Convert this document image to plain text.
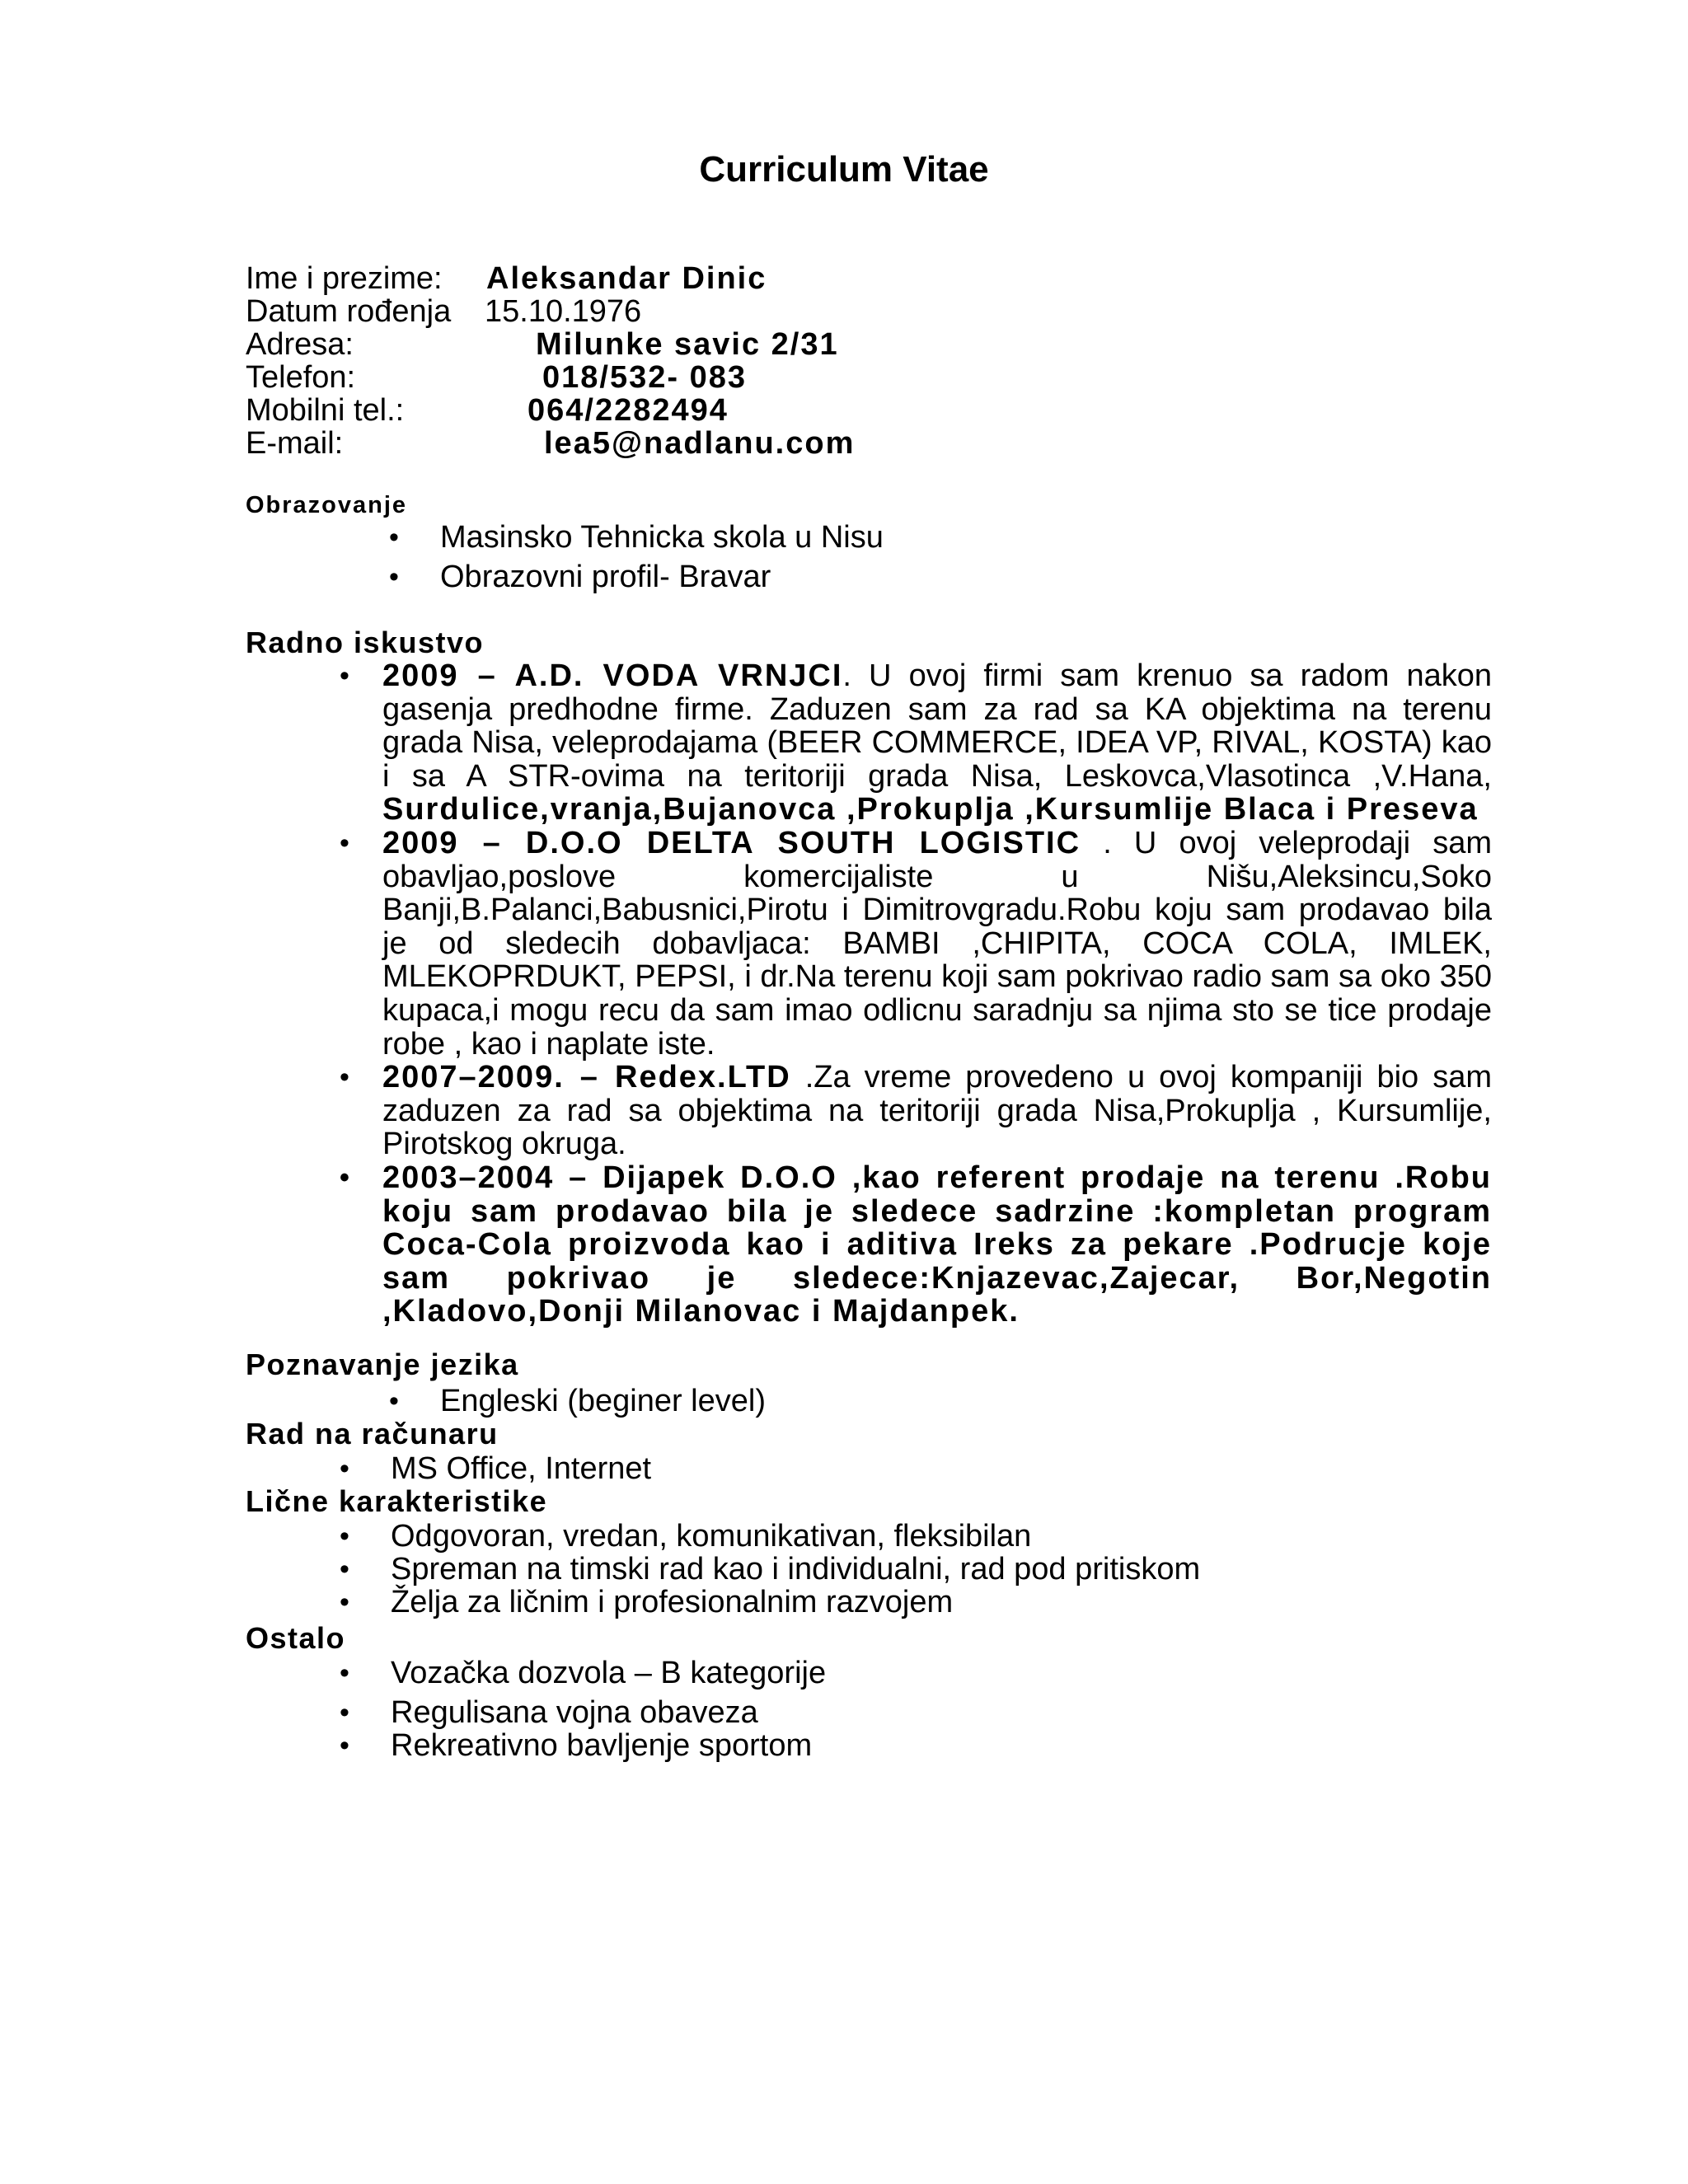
Curriculum Vitae
Ime i prezime: Aleksandar Dinic
Datum rođenja 15.10.1976
Adresa:	Milunke savic 2/31
Telefon:	018/532- 083
Mobilni tel.:	064/2282494
E-mail:	lea5@nadlanu.com
Obrazovanje
• Masinsko Tehnicka skola u Nisu
• Obrazovni profil- Bravar
Radno iskustvo
• 2009 – A.D. VODA VRNJCI. U ovoj firmi sam krenuo sa radom nakon gasenja predhodne firme. Zaduzen sam za rad sa KA objektima na terenu grada Nisa, veleprodajama (BEER COMMERCE, IDEA VP, RIVAL, KOSTA) kao i sa A STR-ovima na teritoriji grada Nisa, Leskovca,Vlasotinca ,V.Hana, Surdulice,vranja,Bujanovca ,Prokuplja ,Kursumlije Blaca i Preseva
• 2009 – D.O.O DELTA SOUTH LOGISTIC . U ovoj veleprodaji sam obavljao,poslove komercijaliste u Nišu,Aleksincu,Soko Banji,B.Palanci,Babusnici,Pirotu i Dimitrovgradu.Robu koju sam prodavao bila je od sledecih dobavljaca: BAMBI ,CHIPITA, COCA COLA, IMLEK, MLEKOPRDUKT, PEPSI, i dr.Na terenu koji sam pokrivao radio sam sa oko 350 kupaca,i mogu recu da sam imao odlicnu saradnju sa njima sto se tice prodaje robe , kao i naplate iste.
• 2007–2009. – Redex.LTD .Za vreme provedeno u ovoj kompaniji bio sam zaduzen za rad sa objektima na teritoriji grada Nisa,Prokuplja , Kursumlije, Pirotskog okruga.
• 2003–2004 – Dijapek D.O.O ,kao referent prodaje na terenu .Robu koju sam prodavao bila je sledece sadrzine :kompletan program Coca-Cola proizvoda kao i aditiva Ireks za pekare .Podrucje koje sam pokrivao je sledece:Knjazevac,Zajecar, Bor,Negotin ,Kladovo,Donji Milanovac i Majdanpek.
Poznavanje jezika
• Engleski (beginer level)
Rad na računaru
• MS Office, Internet
Lične karakteristike
• Odgovoran, vredan, komunikativan, fleksibilan
• Spreman na timski rad kao i individualni, rad pod pritiskom
• Želja za ličnim i profesionalnim razvojem
Ostalo
• Vozačka dozvola – B kategorije
• Regulisana vojna obaveza
• Rekreativno bavljenje sportom
